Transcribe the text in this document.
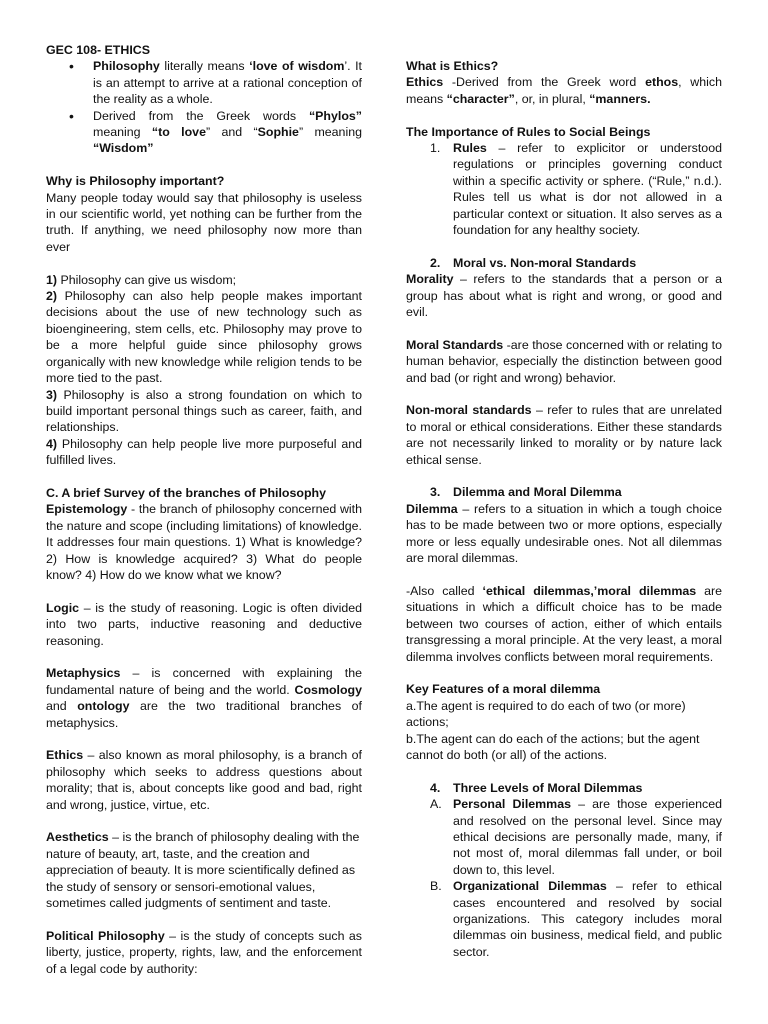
GEC 108- ETHICS

• Philosophy literally means ‘love of wisdom’. It is an attempt to arrive at a rational conception of the reality as a whole.
• Derived from the Greek words “Phylos” meaning “to love” and “Sophie” meaning “Wisdom”

Why is Philosophy important?

Many people today would say that philosophy is useless in our scientific world, yet nothing can be further from the truth. If anything, we need philosophy now more than ever

1) Philosophy can give us wisdom;

2) Philosophy can also help people makes important decisions about the use of new technology such as bioengineering, stem cells, etc. Philosophy may prove to be a more helpful guide since philosophy grows organically with new knowledge while religion tends to be more tied to the past.

3) Philosophy is also a strong foundation on which to build important personal things such as career, faith, and relationships.

4) Philosophy can help people live more purposeful and fulfilled lives.

C. A brief Survey of the branches of Philosophy

Epistemology - the branch of philosophy concerned with the nature and scope (including limitations) of knowledge. It addresses four main questions. 1) What is knowledge? 2) How is knowledge acquired? 3) What do people know? 4) How do we know what we know?

Logic – is the study of reasoning. Logic is often divided into two parts, inductive reasoning and deductive reasoning.

Metaphysics – is concerned with explaining the fundamental nature of being and the world. Cosmology and ontology are the two traditional branches of metaphysics.

Ethics – also known as moral philosophy, is a branch of philosophy which seeks to address questions about morality; that is, about concepts like good and bad, right and wrong, justice, virtue, etc.

Aesthetics – is the branch of philosophy dealing with the nature of beauty, art, taste, and the creation and appreciation of beauty. It is more scientifically defined as the study of sensory or sensori-emotional values, sometimes called judgments of sentiment and taste.

Political Philosophy – is the study of concepts such as liberty, justice, property, rights, law, and the enforcement of a legal code by authority:

What is Ethics?

Ethics -Derived from the Greek word ethos, which means “character”, or, in plural, “manners.

The Importance of Rules to Social Beings

1. Rules – refer to explicitor or understood regulations or principles governing conduct within a specific activity or sphere. (“Rule,” n.d.). Rules tell us what is dor not allowed in a particular context or situation. It also serves as a foundation for any healthy society.
2. Moral vs. Non-moral Standards

Morality – refers to the standards that a person or a group has about what is right and wrong, or good and evil.

Moral Standards -are those concerned with or relating to human behavior, especially the distinction between good and bad (or right and wrong) behavior.

Non-moral standards – refer to rules that are unrelated to moral or ethical considerations. Either these standards are not necessarily linked to morality or by nature lack ethical sense.

3. Dilemma and Moral Dilemma

Dilemma – refers to a situation in which a tough choice has to be made between two or more options, especially more or less equally undesirable ones. Not all dilemmas are moral dilemmas.

-Also called ‘ethical dilemmas,’moral dilemmas are situations in which a difficult choice has to be made between two courses of action, either of which entails transgressing a moral principle. At the very least, a moral dilemma involves conflicts between moral requirements.

Key Features of a moral dilemma

a.The agent is required to do each of two (or more) actions;

b.The agent can do each of the actions; but the agent cannot do both (or all) of the actions.

4. Three Levels of Moral Dilemmas
A. Personal Dilemmas – are those experienced and resolved on the personal level. Since may ethical decisions are personally made, many, if not most of, moral dilemmas fall under, or boil down to, this level.
B. Organizational Dilemmas – refer to ethical cases encountered and resolved by social organizations. This category includes moral dilemmas oin business, medical field, and public sector.
